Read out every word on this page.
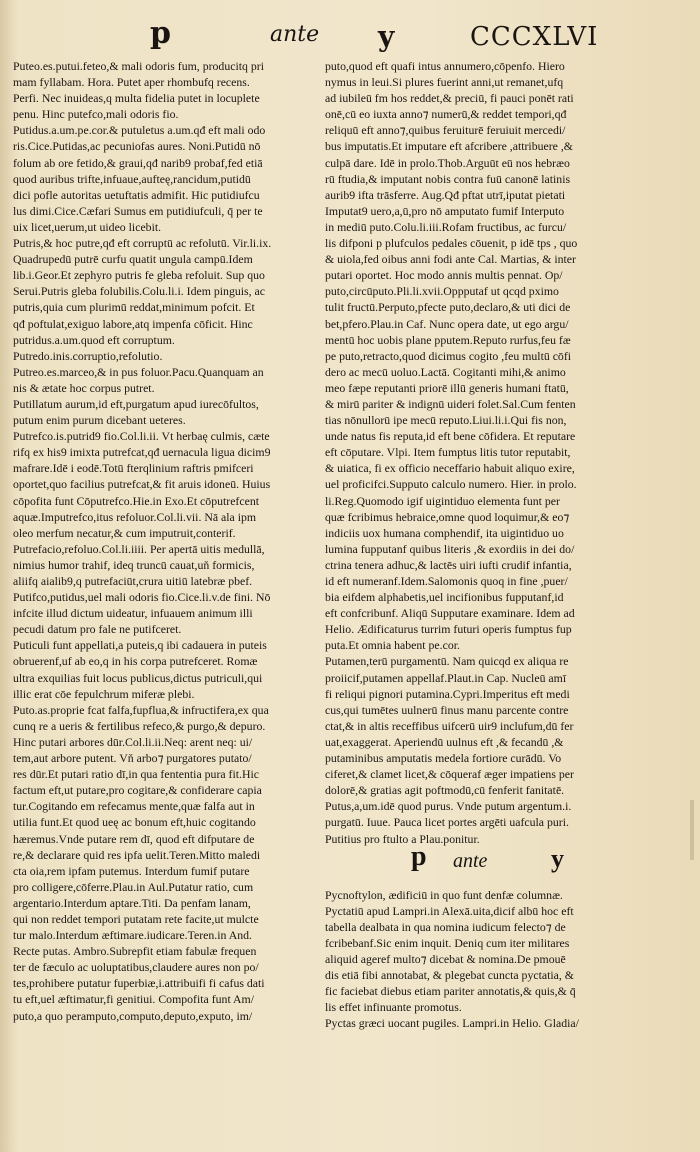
p	ante y	CCCXLVI
Puteo.es.putui.feteo,& mali odoris fum, producitq pri
mam fyllabam. Hora. Putet aper rhombufq recens.
Perfi. Nec inuideas,q multa fidelia putet in locuplete
penu. Hinc putefco,mali odoris fio.
Putidus.a.um.pe.cor.& putuletus a.um.qđ eft mali odo
ris.Cice.Putidas,ac pecuniofas aures. Noni.Putidū nō
folum ab ore fetido,& graui,qđ narib9 probaf,fed etiā
quod auribus trifte,infuaue,aufteę,rancidum,putidū
dici pofle autoritas uetuftatis admifit. Hic putidiufcu
lus dimi.Cice.Cæfari Sumus em putidiufculi, q̄ per te
uix licet,uerum,ut uideo licebit.
Putris,& hoc putre,qđ eft corruptū ac refolutū. Vir.li.ix.
Quadrupedū putrē curfu quatit ungula campū.Idem
lib.i.Geor.Et zephyro putris fe gleba refoluit. Sup quo
Serui.Putris gleba folubilis.Colu.li.i. Idem pinguis, ac
putris,quia cum plurimū reddat,minimum pofcit. Et
qđ poftulat,exiguo labore,atq impenfa cōficit. Hinc
putridus.a.um.quod eft corruptum.
Putredo.inis.corruptio,refolutio.
Putreo.es.marceo,& in pus foluor.Pacu.Quanquam an
nis & ætate hoc corpus putret.
Putillatum aurum,id eft,purgatum apud iurecōfultos,
putum enim purum dicebant ueteres.
Putrefco.is.putrid9 fio.Col.li.ii. Vt herbaę culmis, cæte
rifq ex his9 imixta putrefcat,qđ uernacula ligua dicim9
mafrare.Idē i eodē.Totū fterqlinium raftris pmifceri
oportet,quo facilius putrefcat,& fit aruis idoneū. Huius
cōpofita funt Cōputrefco.Hie.in Exo.Et cōputrefcent
aquæ.Imputrefco,itus refoluor.Col.li.vii. Nā ala ipm
oleo merfum necatur,& cum imputruit,conterif.
Putrefacio,refoluo.Col.li.iiii. Per apertā uitis medullā,
nimius humor trahif, ideq truncū cauat,uň formicis,
aliifq aialib9,q putrefaciūt,crura uitiū latebræ pbef.
Putifco,putidus,uel mali odoris fio.Cice.li.v.de fini. Nō
infcite illud dictum uideatur, infuauem animum illi
pecudi datum pro fale ne putifceret.
Puticuli funt appellati,a puteis,q ibi cadauera in puteis
obruerenf,uf ab eo,q in his corpa putrefceret. Romæ
ultra exquilias fuit locus publicus,dictus putriculi,qui
illic erat cōe fepulchrum miferæ plebi.
Puto.as.proprie fcat falfa,fupflua,& infructifera,ex qua
cunq re a ueris & fertilibus refeco,& purgo,& depuro.
Hinc putari arbores dūr.Col.li.ii.Neq: arent neq: ui/
tem,aut arbore putent. Vň arbo⁊ purgatores putato/
res dūr.Et putari ratio dī,in qua fententia pura fit.Hic
factum eft,ut putare,pro cogitare,& confiderare capia
tur.Cogitando em refecamus mente,quæ falfa aut in
utilia funt.Et quod ueę ac bonum eft,huic cogitando
hæremus.Vnde putare rem dī, quod eft difputare de
re,& declarare quid res ipfa uelit.Teren.Mitto maledi
cta oia,rem ipfam putemus. Interdum fumif putare
pro colligere,cōferre.Plau.in Aul.Putatur ratio, cum
argentario.Interdum aptare.Titi. Da penfam lanam,
qui non reddet tempori putatam rete facite,ut mulcte
tur malo.Interdum æftimare.iudicare.Teren.in And.
Recte putas. Ambro.Subrepfit etiam fabulæ frequen
ter de fæculo ac uoluptatibus,claudere aures non po/
tes,prohibere putatur fuperbiæ,i.attribuifi fi cafus dati
tu eft,uel æftimatur,fi genitiui. Compofita funt Am/
puto,a quo peramputo,computo,deputo,exputo, im/
puto,quod eft quafi intus annumero,cōpenfo. Hiero
nymus in leui.Si plures fuerint anni,ut remanet,ufq
ad iubileū fm hos reddet,& preciū, fi pauci ponēt rati
onē,cū eo iuxta anno⁊ numerū,& reddet tempori,qđ
reliquū eft anno⁊,quibus feruiturē feruiuit mercedi/
bus imputatis.Et imputare eft afcribere ,attribuere ,&
culpā dare. Idē in prolo.Thob.Arguūt eū nos hebræo
rū ftudia,& imputant nobis contra fuū canonē latinis
aurib9 ifta trāsferre. Aug.Qđ pftat utrī,iputat pietati
Imputat9 uero,a,ū,pro nō amputato fumif Interputo
in mediū puto.Colu.li.iii.Rofam fructibus, ac furcu/
lis difponi p plufculos pedales cōuenit, p idē tps , quo
& uiola,fed oibus anni fodi ante Cal. Martias, & inter
putari oportet. Hoc modo annis multis pennat. Op/
puto,circūputo.Pli.li.xvii.Oppputaf ut qcqd pximo
tulit fructū.Perputo,pfecte puto,declaro,& uti dici de
bet,pfero.Plau.in Caf. Nunc opera date, ut ego argu/
mentū hoc uobis plane pputem.Reputo rurfus,feu fæ
pe puto,retracto,quod dicimus cogito ,feu multū cōfi
dero ac mecū uoluo.Lactā. Cogitanti mihi,& animo
meo fæpe reputanti priorē illū generis humani ftatū,
& mirū pariter & indignū uideri folet.Sal.Cum fenten
tias nōnullorū ipe mecū reputo.Liui.li.i.Qui fis non,
unde natus fis reputa,id eft bene cōfidera. Et reputare
eft cōputare. Vlpi. Item fumptus litis tutor reputabit,
& uiatica, fi ex officio neceffario habuit aliquo exire,
uel proficifci.Supputo calculo numero. Hier. in prolo.
li.Reg.Quomodo igif uigintiduo elementa funt per
quæ fcribimus hebraice,omne quod loquimur,& eo⁊
indiciis uox humana comphendif, ita uigintiduo uo
lumina fupputanf quibus literis ,& exordiis in dei do/
ctrina tenera adhuc,& lactēs uiri iufti crudif infantia,
id eft numeranf.Idem.Salomonis quoq in fine ,puer/
bia eifdem alphabetis,uel incifionibus fupputanf,id
eft confcribunf. Aliqū Supputare examinare. Idem ad
Helio. Ædificaturus turrim futuri operis fumptus fup
puta.Et omnia habent pe.cor.
Putamen,terū purgamentū. Nam quicqd ex aliqua re
proiicif,putamen appellaf.Plaut.in Cap. Nucleū amī
fi reliqui pignori putamina.Cypri.Imperitus eft medi
cus,qui tumētes uulnerū finus manu parcente contre
ctat,& in altis receffibus uifcerū uir9 inclufum,dū fer
uat,exaggerat. Aperiendū uulnus eft ,& fecandū ,&
putaminibus amputatis medela fortiore curādū. Vo
ciferet,& clamet licet,& cōqueraf æger impatiens per
dolorē,& gratias agit poftmodū,cū fenferit fanitatē.
Putus,a,um.idē quod purus. Vnde putum argentum.i.
purgatū. Iuue. Pauca licet portes argēti uafcula puri.
Putitius pro ftulto a Plau.ponitur.
p ante y
Pycnoftylon, ædificiū in quo funt denfæ columnæ.
Pyctatiū apud Lampri.in Alexā.uita,dicif albū hoc eft
tabella dealbata in qua nomina iudicum felecto⁊ de
fcribebanf.Sic enim inquit. Deniq cum iter militares
aliquid ageref multo⁊ dicebat & nomina.De pmouē
dis etiā fibi annotabat, & plegebat cunctа pyctatia, &
fic faciebat diebus etiam pariter annotatis,& quis,& q̄
lis effet infinuante promotus.
Pyctas græci uocant pugiles. Lampri.in Helio. Gladia/
